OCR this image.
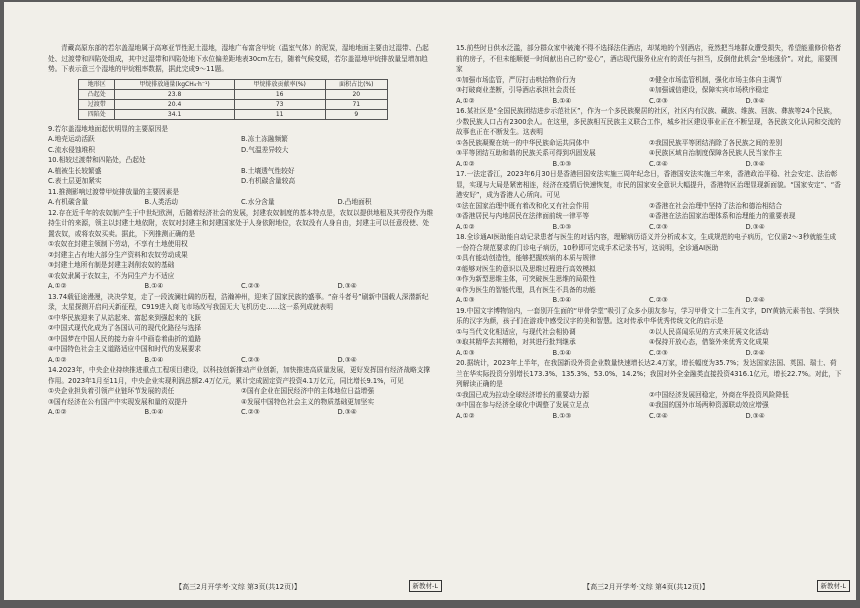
青藏高原东部的若尔盖湿地属于高寒亚节性泥土湿地，湿地广布富含甲烷（温室气体）的泥炭，湿地地面主要由过湿带、凸起处、过渡带和四陷处组成，其中过湿带和四陷处地下水位偏差距地表30cm左右，随着气候变暖，若尔盖湿地甲烷排放量呈增加趋势。下表示意三个湿地的甲烷粗率数据，据此完成9～11题。

地形区	甲烷排放通量(kgCH₄·h⁻¹)	甲烷排放贡献率(%)	面积占比(%)
凸起处	23.8	16	20
过渡带	20.4	73	71
四陷处	34.1	11	9

9.若尔盖湿地地面起伏明显的主要原因是

A.地壳运动活跃	B.冻土冻融频繁
C.流水侵蚀堆积	D.气温差异较大

10.相较过渡带和四陷处，凸起处

A.植被生长较繁盛	B.土壤透气性较好
C.表土层更加紧实	D.有机碳含量较高

11.推测影响过渡带甲烷排放量的主要因素是

A.有机碳含量	B.人类活动	C.水分含量	D.凸地面积

12.存在近千年的农奴制产生于中世纪欧洲，后随着经济社会的发展，封建农奴制度的基本特点是，农奴以提供地租及其劳役作为维持生计的来源，领主以封建土地依附，农奴对封建主和封建国家处于人身依附地位，农奴没有人身自由，封建主可以任意役使、处置农奴，或将农奴买卖。据此，下列推测正确的是

①农奴在封建主领制下劳动，不享有土地使用权

②封建主占有地大部分生产资料和农奴劳动成果

③封建土地所有制是封建主剥削农奴的基础

④农奴隶属于农奴主，不为同生产力不适应

A.①②	B.①④	C.②③	D.③④

13.74载征途漫漫，决决学复，走了一段波澜壮阔的历程，浩瀚神州，迎来了国家民族的盛事。“奋斗者号”刷新中国载人深潜新纪录，太星探测开启问天新征程，C919进入商飞市场改写我国无大飞机历史……这一系列成就表明

①中华民族迎来了从站起来、富起来到强起来的飞跃

②中国式现代化成为了各国认可的现代化路径与选择

③中国梦在中国人民的接力奋斗中画卷着曲折的道路

④中国特色社会主义道路适应中国和时代的发展要求

A.①②	B.①④	C.②③	D.③④

14.2023年，中央企业持续推进重点工程项目建设，以科技创新推动产业创新，加快推进高质量发展，更好发挥国有经济战略支撑作用。2023年1月至11月，中央企业实现利润总额2.4万亿元，累计完成固定资产投资4.1万亿元，同比增长9.1%，可见

①央企业担负着引领产业链环节发展的责任	②国有企业在国民经济中的主体地位日益增强
③国有经济在公有国产中实现发展和量的双提升	④发展中国特色社会主义的物质基础更加坚实
A.①②	B.①④	C.②③	D.③④
【高三2月开学考·文综 第3页(共12页)】	新教材-L

15.前些时日供水泛滥，部分群众家中被淹不得不选择法住酒店，却某地的个别酒店，竟然把当地群众遭受损失，希望能重修价格者前的房子，不但未能顺便一时间献出自己的“爱心”，酒店现代服务业应有的责任与担当，反倒借此机会“坐地涨价”。对此，需要围家

①加强市场监管，严厉打击哄抬物价行为	②健全市场监管机制，强化市场主体自主调节
③打破商业垄断，引导酒店承担社会责任	④加强诚信建设，保障实宾市场秩序稳定
A.①②	B.①④	C.②③	D.③④

16.某社区是“全国民族团结进步示范社区”，作为一个多民族聚居的社区，社区内有汉族、藏族、维族、回族、彝族等24个民族，少数民族人口占有2300余人。在这里，多民族相互民族主义联合工作，城乡社区建设事业正在不断呈现，各民族文化认同和交流的故事也正在不断发生。这表明

①各民族凝聚在统一的中华民族命运共同体中	②我国民族平等团结消除了各民族之间的差别
③平等团结互助和谐的民族关系可得到巩固发展	④民族区域自治制度保障各民族人民当家作主
A.①②	B.①③	C.②④	D.③④

17.一法定香江，2023年6月30日是香港回国安法实施三周年纪念日，香港国安法实施三年来，香港政治平稳、社会安定、法治彰显，实现与大局是紧密相连，经济在疫情后快速恢复，市民的国家安全意识大幅提升，香港特区治理显现新面貌。“国家安定”、“香港安好”，成为香港人心所向。可见

①法在国家治理中既有着改和化又有社会作用	②香港在社会治理中坚持了法治和德治相结合
③香港居民与内地居民在法律面前统一律平等	④香港在法治国家治理体系和治理能力的重要表现
A.①②	B.①③	C.②③	D.③④

18.全诊通AI医助能自动记录患者与医生的对话内容，理解病历语义并分析成本文，生成规范的电子病历，它仅需2～3秒就能生成一份符合规范要求的门诊电子病历，10秒即可完成手术记录书写，这说明，全诊通AI医助

①具有能动创造性，能够把握疾病的本质与规律

②能够对医生的意识以及思维过程进行高效模拟

③作为新型思维主体，可突破医生思维的局限性

④作为医生的智能代理，具有医生不具备的功能

A.①③	B.①④	C.②③	D.②④

19.中国文字博物馆内，一套别开生面的“甲骨学堂”吸引了众多小朋友参与，学习甲骨文十二生肖文字，DIY黄钠元素书包、学到快乐的汉字为颜，孩子们在游戏中感受汉字的美和智慧。这对传承中华优秀传统文化的启示是

①与当代文化相适应，与现代社会相协调	②以人民喜闻乐见的方式来开展文化活动
③取其精华去其糟粕，对其进行批判继承	④保持开放心态，借鉴外来优秀文化成果
A.①③	B.①④	C.②③	D.②④

20.据统计，2023年上半年，在我国新设外资企业数量快速增长达2.4万家，增长幅度为35.7%；发达国家法国、英国、瑞士、荷兰在华实际投资分别增长173.3%、135.3%、53.0%、14.2%；我国对外全金融类直接投资4316.1亿元，增长22.7%。对此，下列解读正确的是

①我国已成为拉动全球经济增长的重要动力源	②中国经济发展回稳定，外商在华投资风险降低
③中国在参与经济全球化中调整了发展立足点	④我国的国外市场两种资源联动效应增强
A.①②	B.①③	C.②④	D.③④
【高三2月开学考·文综 第4页(共12页)】	新教材-L
